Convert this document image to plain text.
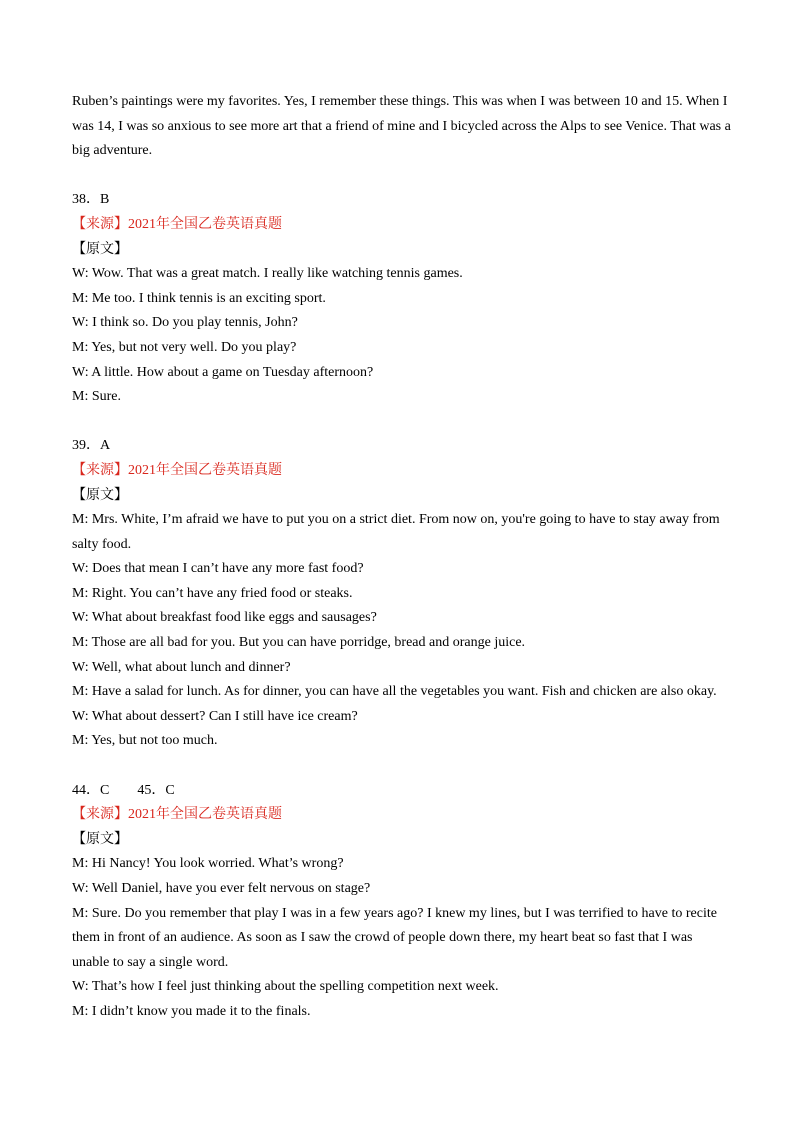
Ruben’s paintings were my favorites. Yes, I remember these things. This was when I was between 10 and 15. When I was 14, I was so anxious to see more art that a friend of mine and I bicycled across the Alps to see Venice. That was a big adventure.

38．B

【来源】2021年全国乙卷英语真题

【原文】

W: Wow. That was a great match. I really like watching tennis games.

M: Me too. I think tennis is an exciting sport.

W: I think so. Do you play tennis, John?

M: Yes, but not very well. Do you play?

W: A little. How about a game on Tuesday afternoon?

M: Sure.

39．A

【来源】2021年全国乙卷英语真题

【原文】

M: Mrs. White, I’m afraid we have to put you on a strict diet. From now on, you're going to have to stay away from salty food.

W: Does that mean I can’t have any more fast food?

M: Right. You can’t have any fried food or steaks.

W: What about breakfast food like eggs and sausages?

M: Those are all bad for you. But you can have porridge, bread and orange juice.

W: Well, what about lunch and dinner?

M: Have a salad for lunch. As for dinner, you can have all the vegetables you want. Fish and chicken are also okay.

W: What about dessert? Can I still have ice cream?

M: Yes, but not too much.

44．C 45．C

【来源】2021年全国乙卷英语真题

【原文】

M: Hi Nancy! You look worried. What’s wrong?

W: Well Daniel, have you ever felt nervous on stage?

M: Sure. Do you remember that play I was in a few years ago? I knew my lines, but I was terrified to have to recite them in front of an audience. As soon as I saw the crowd of people down there, my heart beat so fast that I was unable to say a single word.

W: That’s how I feel just thinking about the spelling competition next week.

M: I didn’t know you made it to the finals.
